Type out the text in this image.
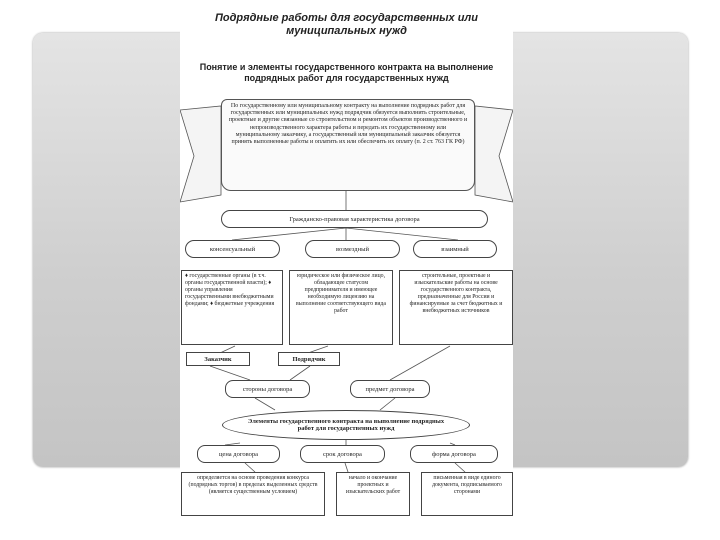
Подрядные работы для государственных или муниципальных нужд
Понятие и элементы государственного контракта на выполнение подрядных работ для государственных нужд
По государственному или муниципальному контракту на выполнение подрядных работ для государственных или муниципальных нужд подрядчик обязуется выполнить строительные, проектные и другие связанные со строительством и ремонтом объектов производственного и непроизводственного характера работы и передать их государственному или муниципальному заказчику, а государственный или муниципальный заказчик обязуется принять выполненные работы и оплатить их или обеспечить их оплату (п. 2 ст. 763 ГК РФ)
Гражданско-правовая характеристика договора
консенсуальный	возмездный	взаимный
♦ государственные органы (в т.ч. органы государственной власти); ♦ органы управления государственными внебюджетными фондами; ♦ бюджетные учреждения
юридическое или физическое лицо, обладающее статусом предпринимателя и имеющее необходимую лицензию на выполнение соответствующего вида работ
строительные, проектные и изыскательские работы на основе государственного контракта, предназначенные для России и финансируемые за счет бюджетных и внебюджетных источников
Заказчик	Подрядчик
стороны договора	предмет договора
Элементы государственного контракта на выполнение подрядных работ для государственных нужд
цена договора	срок договора	форма договора
определяется на основе проведения конкурса (подрядных торгов) в пределах выделенных средств (является существенным условием)
начало и окончание проектных и изыскательских работ
письменная в виде единого документа, подписываемого сторонами
